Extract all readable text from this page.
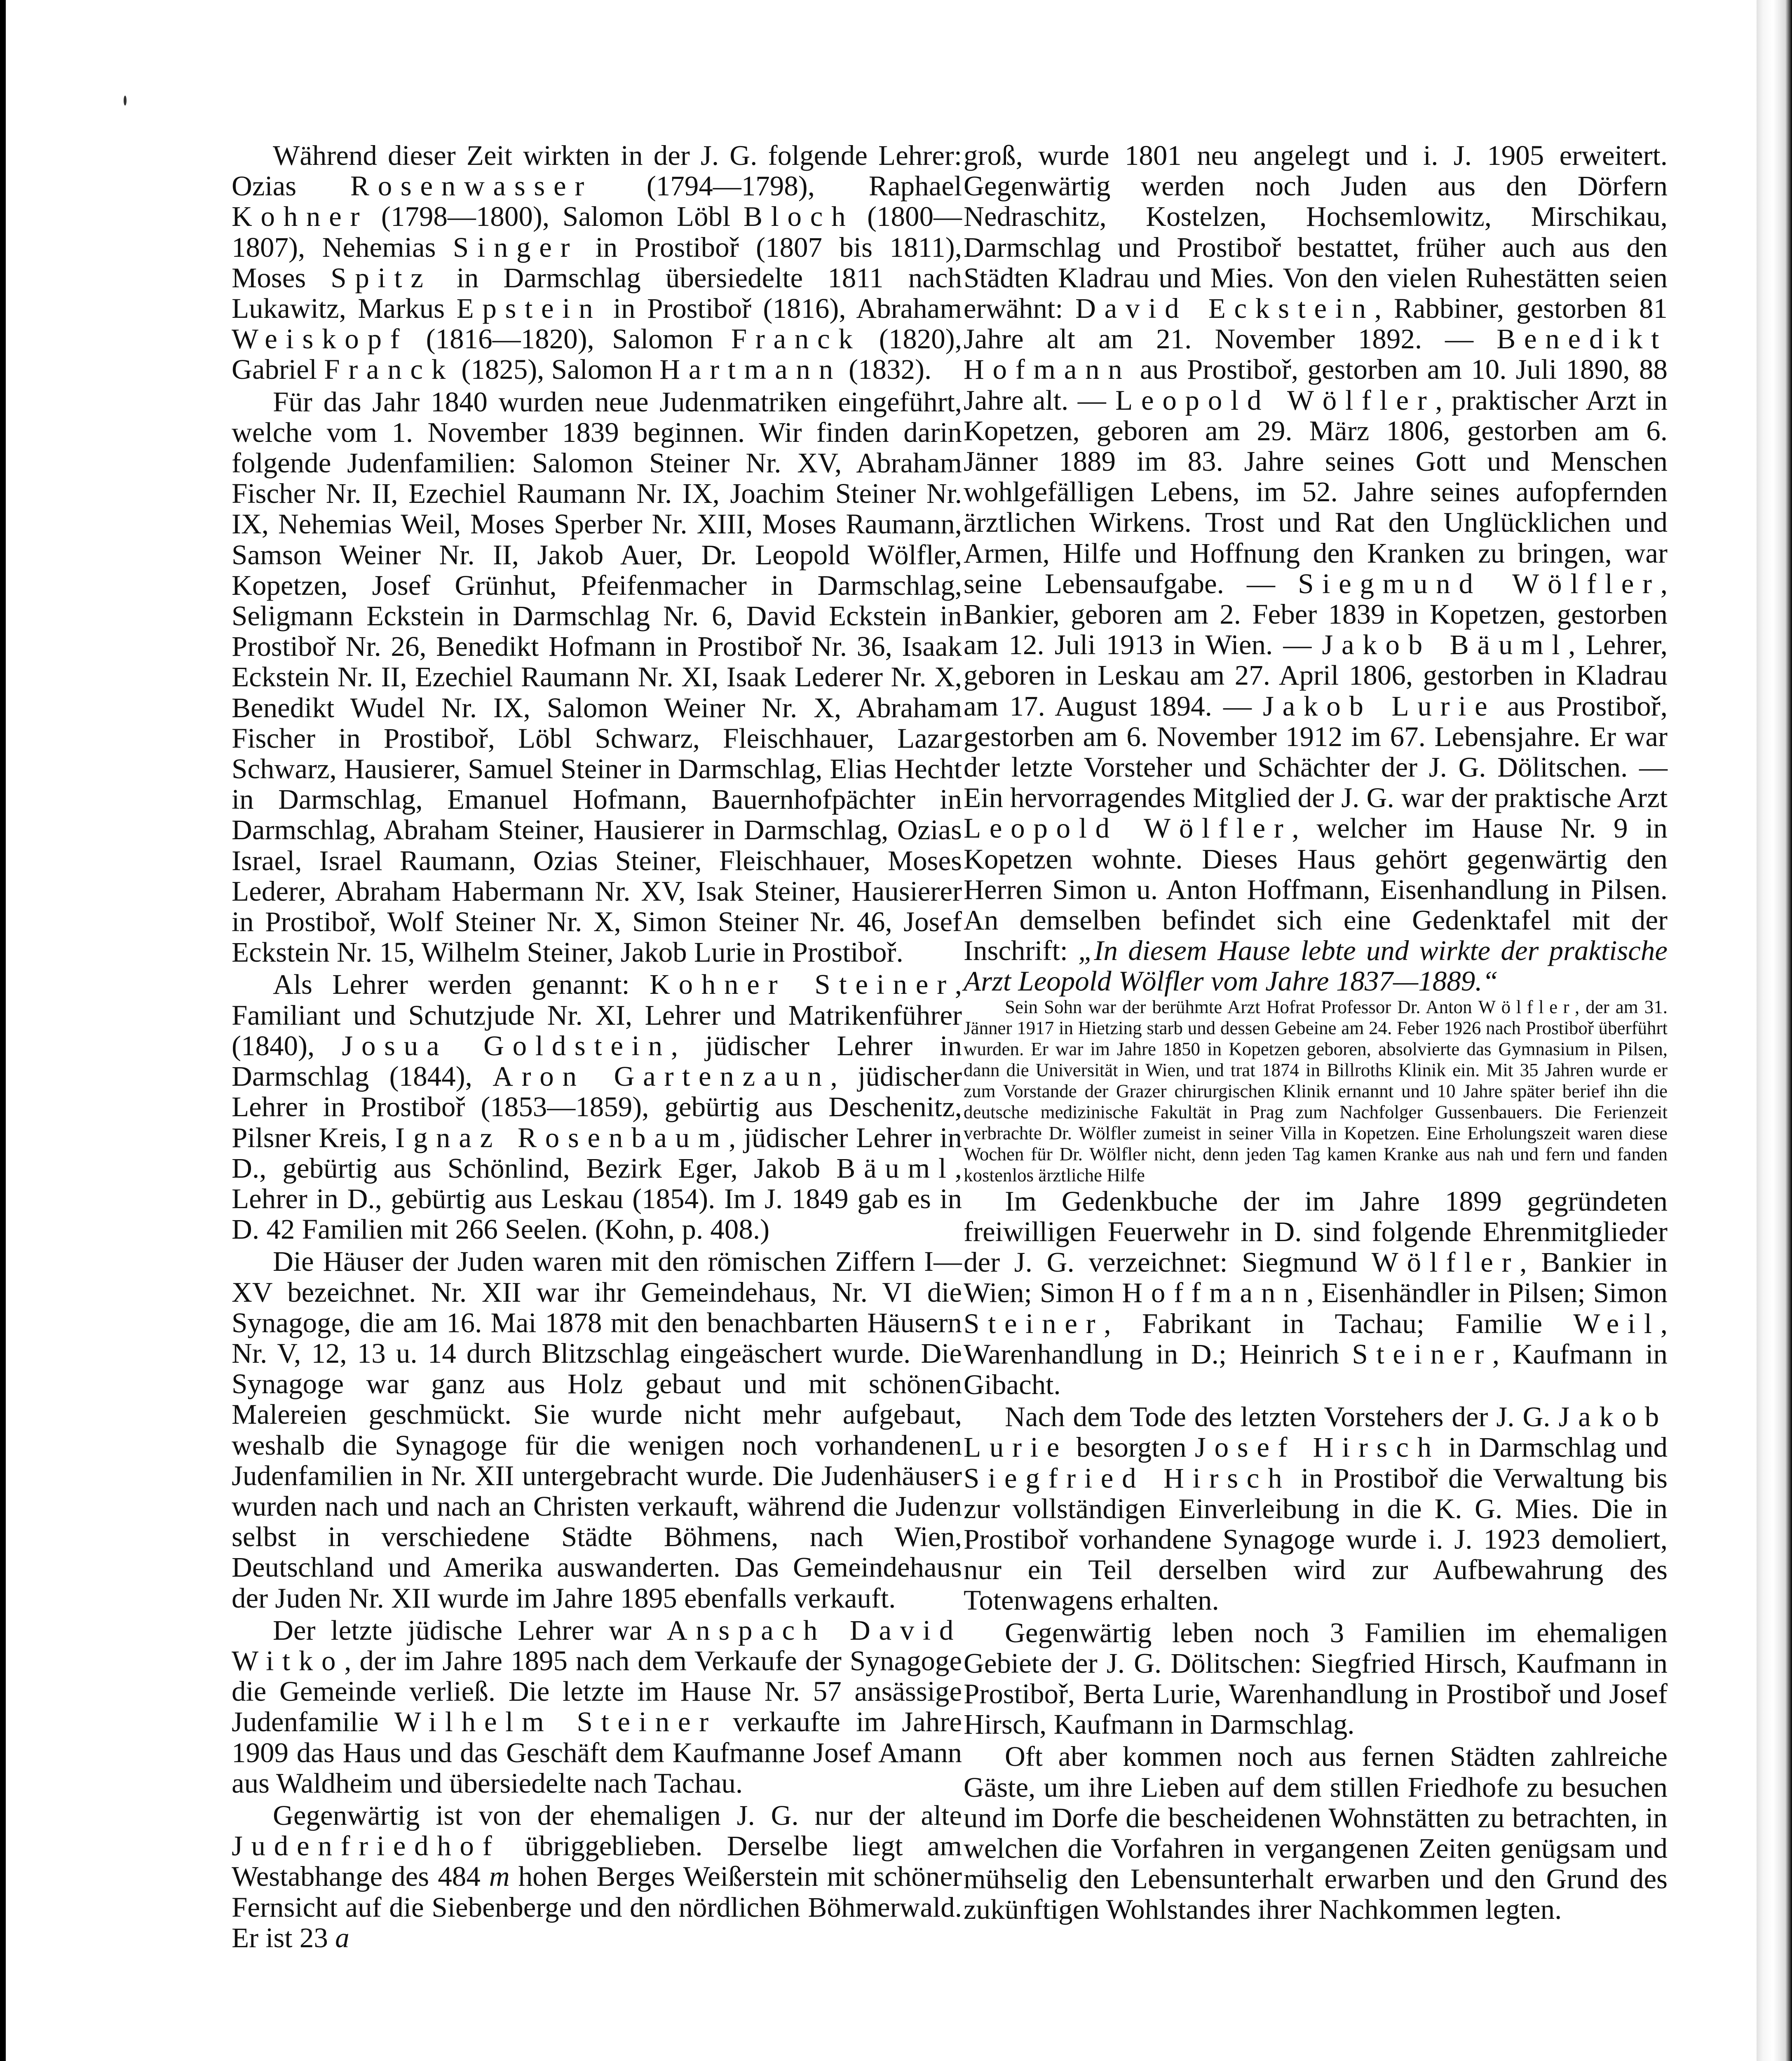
Während dieser Zeit wirkten in der J. G. folgende Lehrer: Ozias Rosenwasser (1794—1798), Raphael Kohner (1798—1800), Salomon Löbl Bloch (1800—1807), Nehemias Singer in Prostiboř (1807 bis 1811), Moses Spitz in Darmschlag übersiedelte 1811 nach Lukawitz, Markus Epstein in Prostiboř (1816), Abraham Weiskopf (1816—1820), Salomon Franck (1820), Gabriel Franck (1825), Salomon Hartmann (1832).

Für das Jahr 1840 wurden neue Judenmatriken eingeführt, welche vom 1. November 1839 beginnen. Wir finden darin folgende Judenfamilien: Salomon Steiner Nr. XV, Abraham Fischer Nr. II, Ezechiel Raumann Nr. IX, Joachim Steiner Nr. IX, Nehemias Weil, Moses Sperber Nr. XIII, Moses Raumann, Samson Weiner Nr. II, Jakob Auer, Dr. Leopold Wölfler, Kopetzen, Josef Grünhut, Pfeifenmacher in Darmschlag, Seligmann Eckstein in Darmschlag Nr. 6, David Eckstein in Prostiboř Nr. 26, Benedikt Hofmann in Prostiboř Nr. 36, Isaak Eckstein Nr. II, Ezechiel Raumann Nr. XI, Isaak Lederer Nr. X, Benedikt Wudel Nr. IX, Salomon Weiner Nr. X, Abraham Fischer in Prostiboř, Löbl Schwarz, Fleischhauer, Lazar Schwarz, Hausierer, Samuel Steiner in Darmschlag, Elias Hecht in Darmschlag, Emanuel Hofmann, Bauernhofpächter in Darmschlag, Abraham Steiner, Hausierer in Darmschlag, Ozias Israel, Israel Raumann, Ozias Steiner, Fleischhauer, Moses Lederer, Abraham Habermann Nr. XV, Isak Steiner, Hausierer in Prostiboř, Wolf Steiner Nr. X, Simon Steiner Nr. 46, Josef Eckstein Nr. 15, Wilhelm Steiner, Jakob Lurie in Prostiboř.

Als Lehrer werden genannt: Kohner Steiner, Familiant und Schutzjude Nr. XI, Lehrer und Matrikenführer (1840), Josua Goldstein, jüdischer Lehrer in Darmschlag (1844), Aron Gartenzaun, jüdischer Lehrer in Prostiboř (1853—1859), gebürtig aus Deschenitz, Pilsner Kreis, Ignaz Rosenbaum, jüdischer Lehrer in D., gebürtig aus Schönlind, Bezirk Eger, Jakob Bäuml, Lehrer in D., gebürtig aus Leskau (1854). Im J. 1849 gab es in D. 42 Familien mit 266 Seelen. (Kohn, p. 408.)

Die Häuser der Juden waren mit den römischen Ziffern I—XV bezeichnet. Nr. XII war ihr Gemeindehaus, Nr. VI die Synagoge, die am 16. Mai 1878 mit den benachbarten Häusern Nr. V, 12, 13 u. 14 durch Blitzschlag eingeäschert wurde. Die Synagoge war ganz aus Holz gebaut und mit schönen Malereien geschmückt. Sie wurde nicht mehr aufgebaut, weshalb die Synagoge für die wenigen noch vorhandenen Judenfamilien in Nr. XII untergebracht wurde. Die Judenhäuser wurden nach und nach an Christen verkauft, während die Juden selbst in verschiedene Städte Böhmens, nach Wien, Deutschland und Amerika auswanderten. Das Gemeindehaus der Juden Nr. XII wurde im Jahre 1895 ebenfalls verkauft.

Der letzte jüdische Lehrer war Anspach David Witko, der im Jahre 1895 nach dem Verkaufe der Synagoge die Gemeinde verließ. Die letzte im Hause Nr. 57 ansässige Judenfamilie Wilhelm Steiner verkaufte im Jahre 1909 das Haus und das Geschäft dem Kaufmanne Josef Amann aus Waldheim und übersiedelte nach Tachau.

Gegenwärtig ist von der ehemaligen J. G. nur der alte Judenfriedhof übriggeblieben. Derselbe liegt am Westabhange des 484 m hohen Berges Weißerstein mit schöner Fernsicht auf die Siebenberge und den nördlichen Böhmerwald. Er ist 23 a

groß, wurde 1801 neu angelegt und i. J. 1905 erweitert. Gegenwärtig werden noch Juden aus den Dörfern Nedraschitz, Kostelzen, Hochsemlowitz, Mirschikau, Darmschlag und Prostiboř bestattet, früher auch aus den Städten Kladrau und Mies. Von den vielen Ruhestätten seien erwähnt: David Eckstein, Rabbiner, gestorben 81 Jahre alt am 21. November 1892. — Benedikt Hofmann aus Prostiboř, gestorben am 10. Juli 1890, 88 Jahre alt. — Leopold Wölfler, praktischer Arzt in Kopetzen, geboren am 29. März 1806, gestorben am 6. Jänner 1889 im 83. Jahre seines Gott und Menschen wohlgefälligen Lebens, im 52. Jahre seines aufopfernden ärztlichen Wirkens. Trost und Rat den Unglücklichen und Armen, Hilfe und Hoffnung den Kranken zu bringen, war seine Lebensaufgabe. — Siegmund Wölfler, Bankier, geboren am 2. Feber 1839 in Kopetzen, gestorben am 12. Juli 1913 in Wien. — Jakob Bäuml, Lehrer, geboren in Leskau am 27. April 1806, gestorben in Kladrau am 17. August 1894. — Jakob Lurie aus Prostiboř, gestorben am 6. November 1912 im 67. Lebensjahre. Er war der letzte Vorsteher und Schächter der J. G. Dölitschen. — Ein hervorragendes Mitglied der J. G. war der praktische Arzt Leopold Wölfler, welcher im Hause Nr. 9 in Kopetzen wohnte. Dieses Haus gehört gegenwärtig den Herren Simon u. Anton Hoffmann, Eisenhandlung in Pilsen. An demselben befindet sich eine Gedenktafel mit der Inschrift: „In diesem Hause lebte und wirkte der praktische Arzt Leopold Wölfler vom Jahre 1837—1889.“

Sein Sohn war der berühmte Arzt Hofrat Professor Dr. Anton Wölfler, der am 31. Jänner 1917 in Hietzing starb und dessen Gebeine am 24. Feber 1926 nach Prostiboř überführt wurden. Er war im Jahre 1850 in Kopetzen geboren, absolvierte das Gymnasium in Pilsen, dann die Universität in Wien, und trat 1874 in Billroths Klinik ein. Mit 35 Jahren wurde er zum Vorstande der Grazer chirurgischen Klinik ernannt und 10 Jahre später berief ihn die deutsche medizinische Fakultät in Prag zum Nachfolger Gussenbauers. Die Ferienzeit verbrachte Dr. Wölfler zumeist in seiner Villa in Kopetzen. Eine Erholungszeit waren diese Wochen für Dr. Wölfler nicht, denn jeden Tag kamen Kranke aus nah und fern und fanden kostenlos ärztliche Hilfe

Im Gedenkbuche der im Jahre 1899 gegründeten freiwilligen Feuerwehr in D. sind folgende Ehrenmitglieder der J. G. verzeichnet: Siegmund Wölfler, Bankier in Wien; Simon Hoffmann, Eisenhändler in Pilsen; Simon Steiner, Fabrikant in Tachau; Familie Weil, Warenhandlung in D.; Heinrich Steiner, Kaufmann in Gibacht.

Nach dem Tode des letzten Vorstehers der J. G. Jakob Lurie besorgten Josef Hirsch in Darmschlag und Siegfried Hirsch in Prostiboř die Verwaltung bis zur vollständigen Einverleibung in die K. G. Mies. Die in Prostiboř vorhandene Synagoge wurde i. J. 1923 demoliert, nur ein Teil derselben wird zur Aufbewahrung des Totenwagens erhalten.

Gegenwärtig leben noch 3 Familien im ehemaligen Gebiete der J. G. Dölitschen: Siegfried Hirsch, Kaufmann in Prostiboř, Berta Lurie, Warenhandlung in Prostiboř und Josef Hirsch, Kaufmann in Darmschlag.

Oft aber kommen noch aus fernen Städten zahlreiche Gäste, um ihre Lieben auf dem stillen Friedhofe zu besuchen und im Dorfe die bescheidenen Wohnstätten zu betrachten, in welchen die Vorfahren in vergangenen Zeiten genügsam und mühselig den Lebensunterhalt erwarben und den Grund des zukünftigen Wohlstandes ihrer Nachkommen legten.
